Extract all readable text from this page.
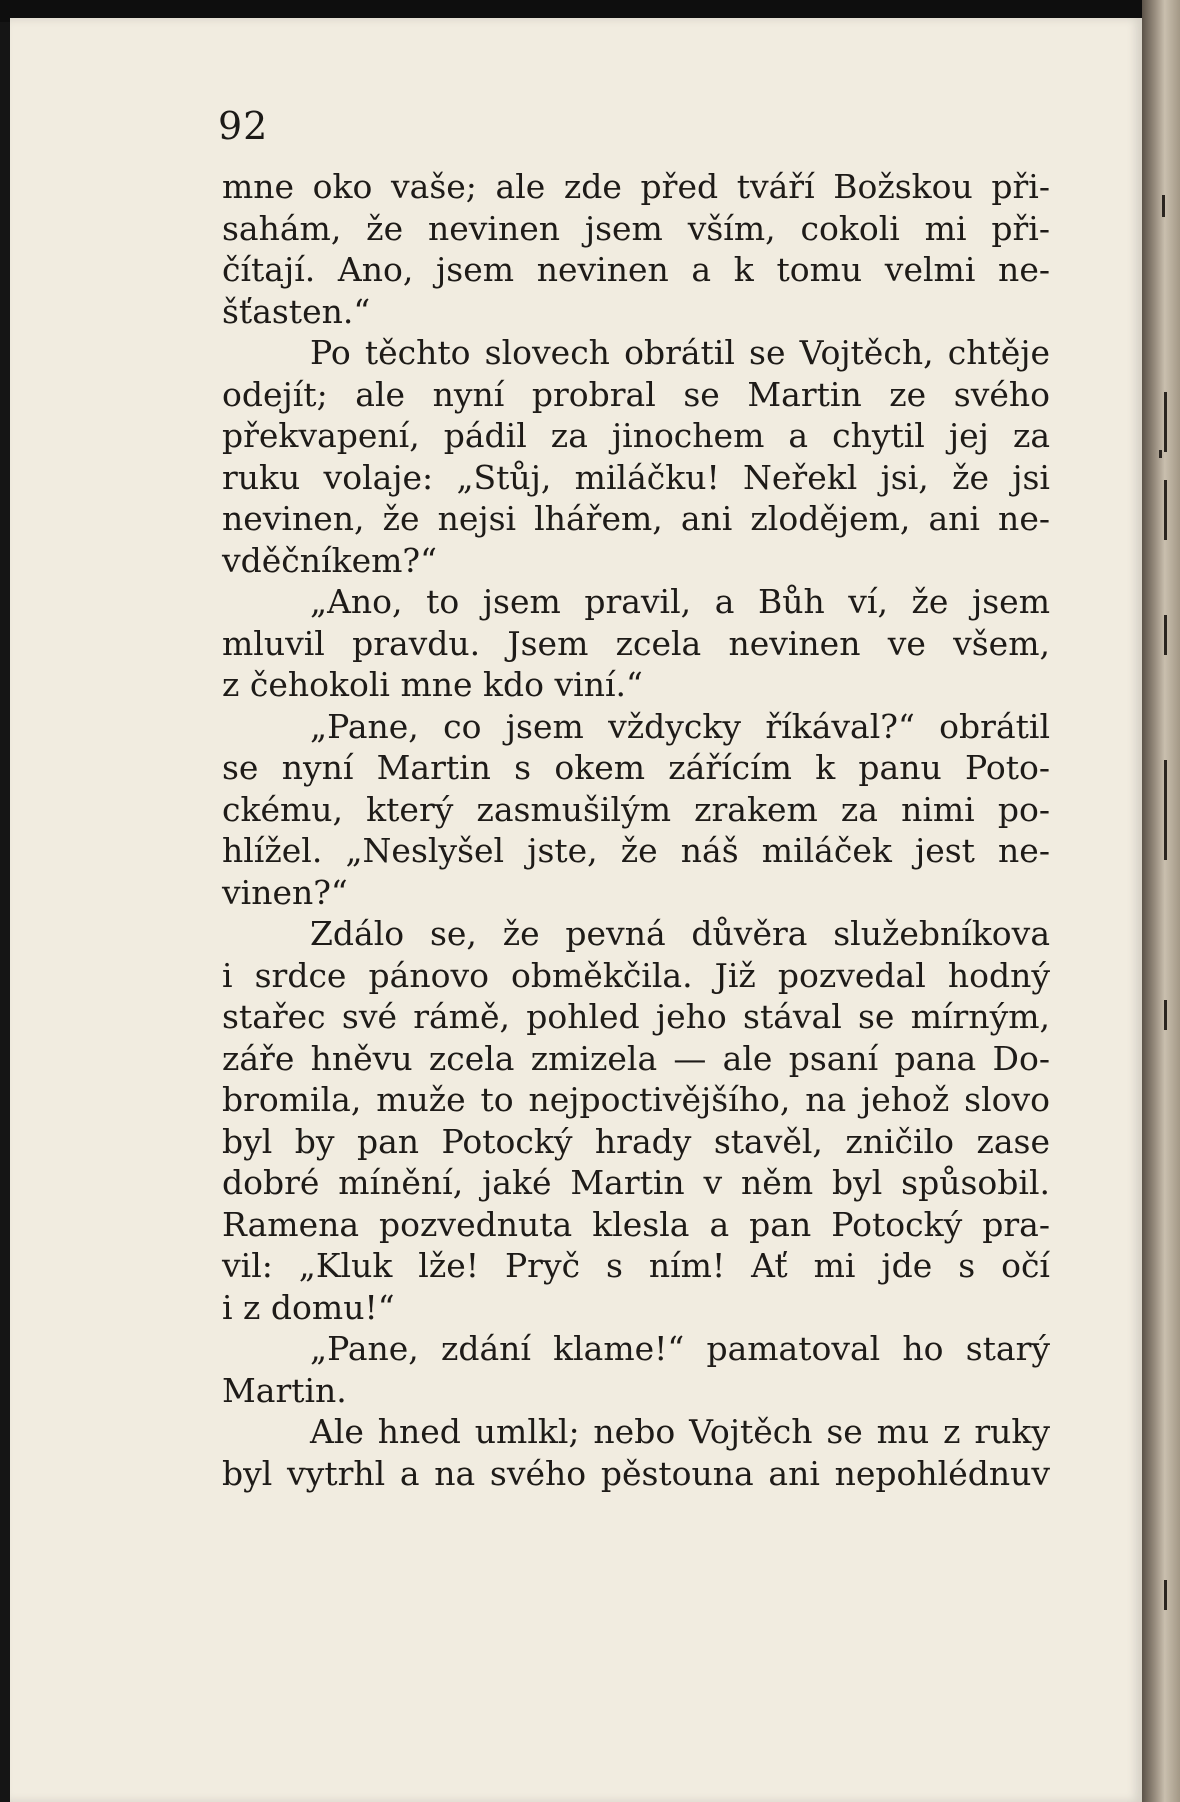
92
mne oko vaše; ale zde před tváří Božskou při-
sahám, že nevinen jsem vším, cokoli mi při-
čítají. Ano, jsem nevinen a k tomu velmi ne-
šťasten.“
Po těchto slovech obrátil se Vojtěch, chtěje
odejít; ale nyní probral se Martin ze svého
překvapení, pádil za jinochem a chytil jej za
ruku volaje: „Stůj, miláčku! Neřekl jsi, že jsi
nevinen, že nejsi lhářem, ani zlodějem, ani ne-
vděčníkem?“
„Ano, to jsem pravil, a Bůh ví, že jsem
mluvil pravdu. Jsem zcela nevinen ve všem,
z čehokoli mne kdo viní.“
„Pane, co jsem vždycky říkával?“ obrátil
se nyní Martin s okem zářícím k panu Poto-
ckému, který zasmušilým zrakem za nimi po-
hlížel. „Neslyšel jste, že náš miláček jest ne-
vinen?“
Zdálo se, že pevná důvěra služebníkova
i srdce pánovo obměkčila. Již pozvedal hodný
stařec své rámě, pohled jeho stával se mírným,
záře hněvu zcela zmizela — ale psaní pana Do-
bromila, muže to nejpoctivějšího, na jehož slovo
byl by pan Potocký hrady stavěl, zničilo zase
dobré mínění, jaké Martin v něm byl spůsobil.
Ramena pozvednuta klesla a pan Potocký pra-
vil: „Kluk lže! Pryč s ním! Ať mi jde s očí
i z domu!“
„Pane, zdání klame!“ pamatoval ho starý
Martin.
Ale hned umlkl; nebo Vojtěch se mu z ruky
byl vytrhl a na svého pěstouna ani nepohlédnuv
